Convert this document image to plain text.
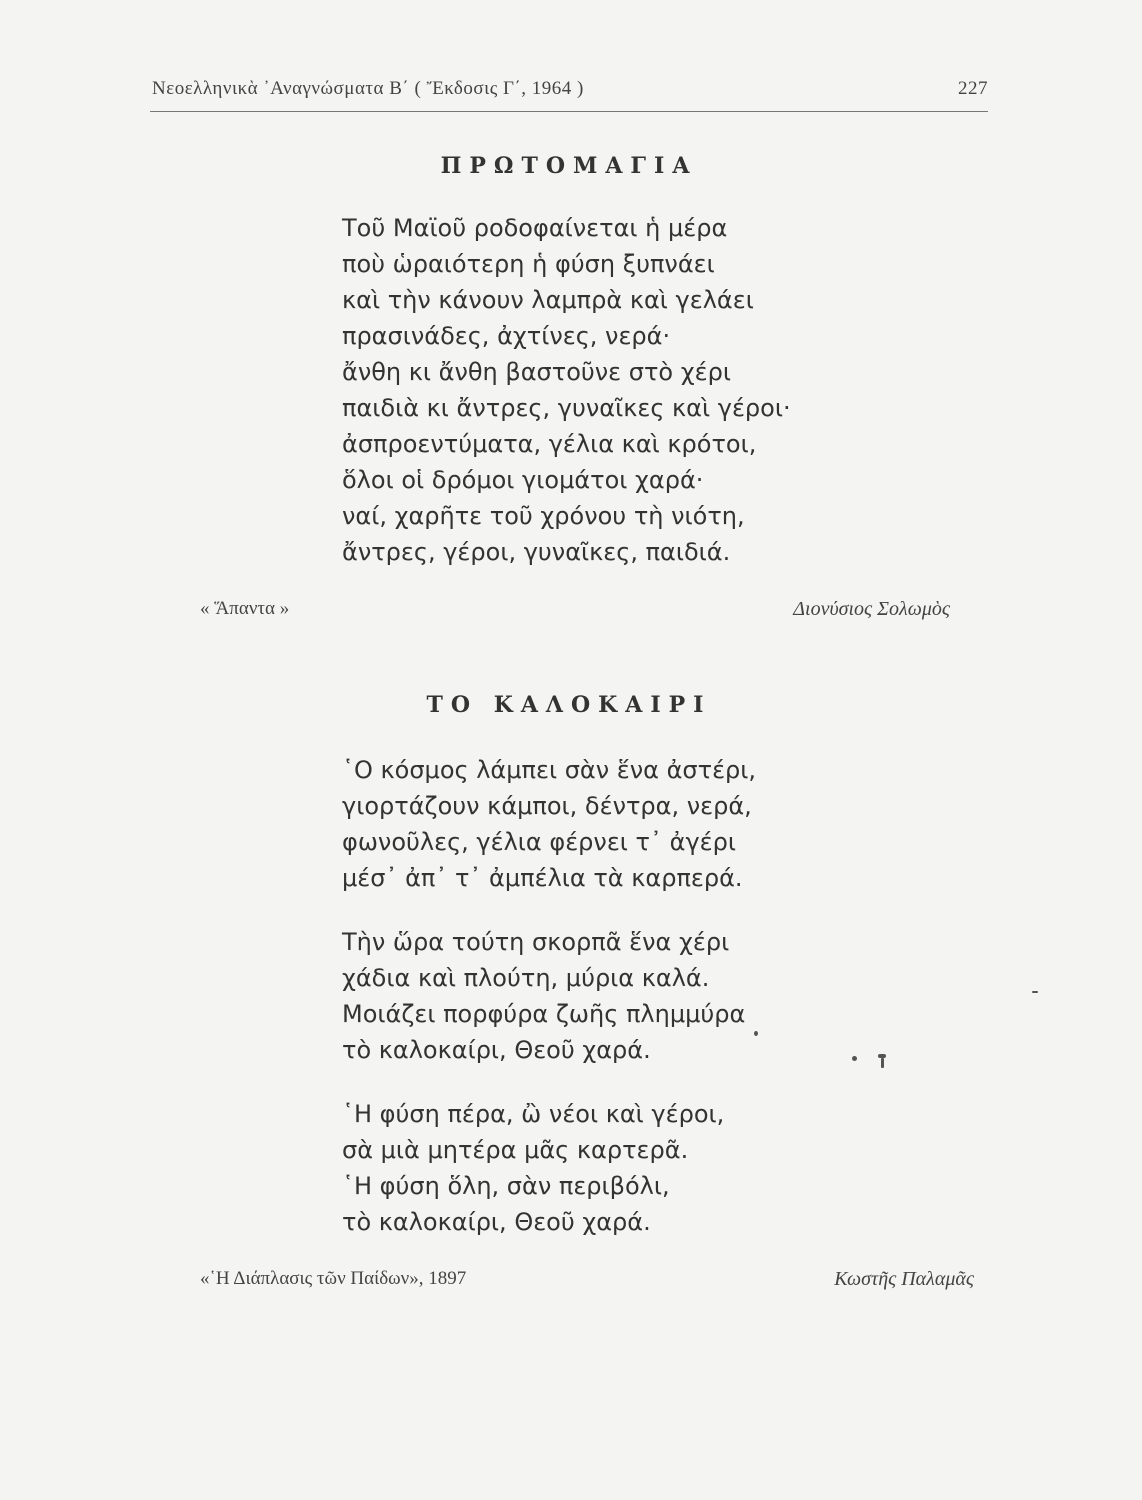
Νεοελληνικὰ ᾿Αναγνώσματα Β΄ ( Ἔκδοσις Γ΄, 1964 )	227
ΠΡΩΤΟΜΑΓΙΑ
Τοῦ Μαϊοῦ ροδοφαίνεται ἡ μέρα
ποὺ ὡραιότερη ἡ φύση ξυπνάει
καὶ τὴν κάνουν λαμπρὰ καὶ γελάει
πρασινάδες, ἀχτίνες, νερά·
ἄνθη κι ἄνθη βαστοῦνε στὸ χέρι
παιδιὰ κι ἄντρες, γυναῖκες καὶ γέροι·
ἀσπροεντύματα, γέλια καὶ κρότοι,
ὅλοι οἱ δρόμοι γιομάτοι χαρά·
ναί, χαρῆτε τοῦ χρόνου τὴ νιότη,
ἄντρες, γέροι, γυναῖκες, παιδιά.
« Ἅπαντα »	Διονύσιος Σολωμὸς
ΤΟ ΚΑΛΟΚΑΙΡΙ
῾Ο κόσμος λάμπει σὰν ἕνα ἀστέρι,
γιορτάζουν κάμποι, δέντρα, νερά,
φωνοῦλες, γέλια φέρνει τ᾿ ἀγέρι
μέσ᾿ ἀπ᾿ τ᾿ ἀμπέλια τὰ καρπερά.
Τὴν ὥρα τούτη σκορπᾶ ἕνα χέρι
χάδια καὶ πλούτη, μύρια καλά.
Μοιάζει πορφύρα ζωῆς πλημμύρα
τὸ καλοκαίρι, Θεοῦ χαρά.
῾Η φύση πέρα, ὢ νέοι καὶ γέροι,
σὰ μιὰ μητέρα μᾶς καρτερᾶ.
῾Η φύση ὅλη, σὰν περιβόλι,
τὸ καλοκαίρι, Θεοῦ χαρά.
«῾Η Διάπλασις τῶν Παίδων», 1897	Κωστῆς Παλαμᾶς
